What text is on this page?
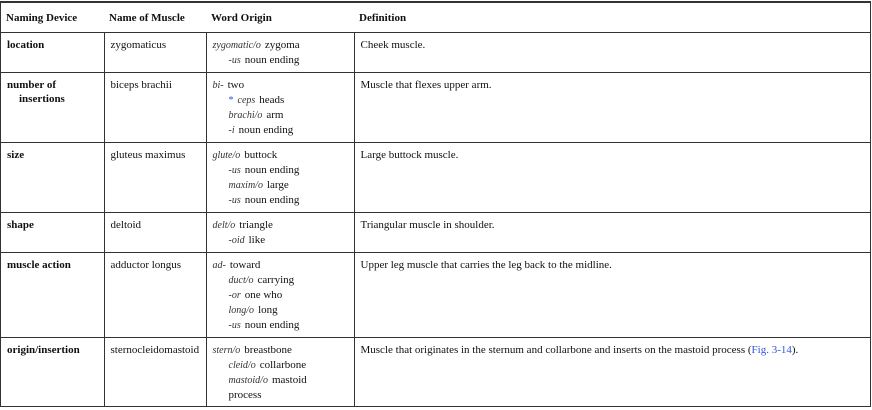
Naming Device	Name of Muscle	Word Origin	Definition

location	zygomaticus	zygomatic/o zygoma
-us noun ending	Cheek muscle.

number of
insertions	biceps brachii	bi- two
* ceps heads
brachi/o arm
-i noun ending	Muscle that flexes upper arm.

size	gluteus maximus	glute/o buttock
-us noun ending
maxim/o large
-us noun ending	Large buttock muscle.

shape	deltoid	delt/o triangle
-oid like	Triangular muscle in shoulder.

muscle action	adductor longus	ad- toward
duct/o carrying
-or one who
long/o long
-us noun ending	Upper leg muscle that carries the leg back to the midline.

origin/insertion	sternocleidomastoid	stern/o breastbone
cleid/o collarbone
mastoid/o mastoid
process	Muscle that originates in the sternum and collarbone and inserts on the mastoid process (Fig. 3-14).
